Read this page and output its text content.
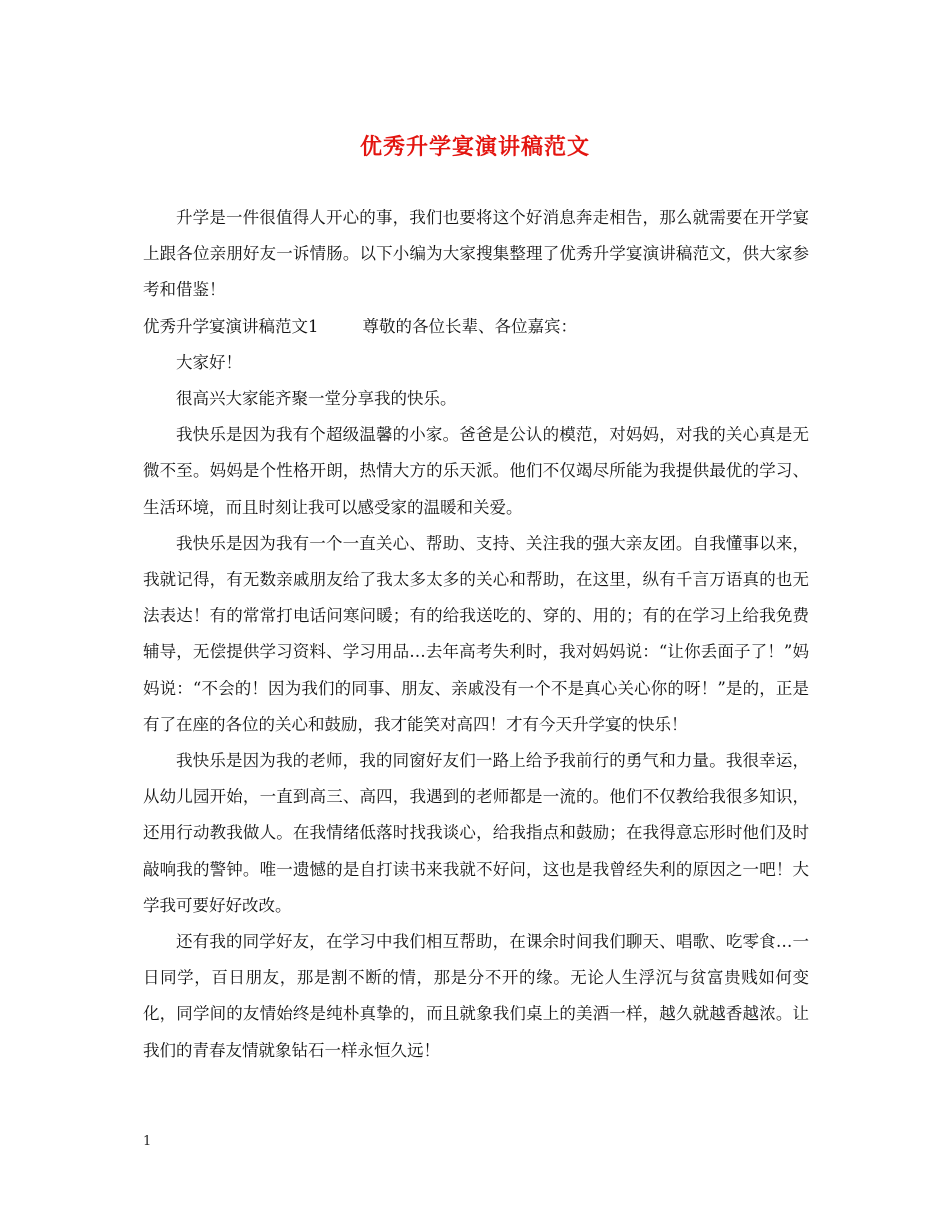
优秀升学宴演讲稿范文

升学是一件很值得人开心的事，我们也要将这个好消息奔走相告，那么就需要在开学宴上跟各位亲朋好友一诉情肠。以下小编为大家搜集整理了优秀升学宴演讲稿范文，供大家参考和借鉴！

优秀升学宴演讲稿范文1	尊敬的各位长辈、各位嘉宾：

大家好！

很高兴大家能齐聚一堂分享我的快乐。

我快乐是因为我有个超级温馨的小家。爸爸是公认的模范，对妈妈，对我的关心真是无微不至。妈妈是个性格开朗，热情大方的乐天派。他们不仅竭尽所能为我提供最优的学习、生活环境，而且时刻让我可以感受家的温暖和关爱。

我快乐是因为我有一个一直关心、帮助、支持、关注我的强大亲友团。自我懂事以来，我就记得，有无数亲戚朋友给了我太多太多的关心和帮助，在这里，纵有千言万语真的也无法表达！有的常常打电话问寒问暖；有的给我送吃的、穿的、用的；有的在学习上给我免费辅导，无偿提供学习资料、学习用品…去年高考失利时，我对妈妈说：“让你丢面子了！”妈妈说：“不会的！因为我们的同事、朋友、亲戚没有一个不是真心关心你的呀！”是的，正是有了在座的各位的关心和鼓励，我才能笑对高四！才有今天升学宴的快乐！

我快乐是因为我的老师，我的同窗好友们一路上给予我前行的勇气和力量。我很幸运，从幼儿园开始，一直到高三、高四，我遇到的老师都是一流的。他们不仅教给我很多知识，还用行动教我做人。在我情绪低落时找我谈心，给我指点和鼓励；在我得意忘形时他们及时敲响我的警钟。唯一遗憾的是自打读书来我就不好问，这也是我曾经失利的原因之一吧！大学我可要好好改改。

还有我的同学好友，在学习中我们相互帮助，在课余时间我们聊天、唱歌、吃零食…一日同学，百日朋友，那是割不断的情，那是分不开的缘。无论人生浮沉与贫富贵贱如何变化，同学间的友情始终是纯朴真挚的，而且就象我们桌上的美酒一样，越久就越香越浓。让我们的青春友情就象钻石一样永恒久远！

1
